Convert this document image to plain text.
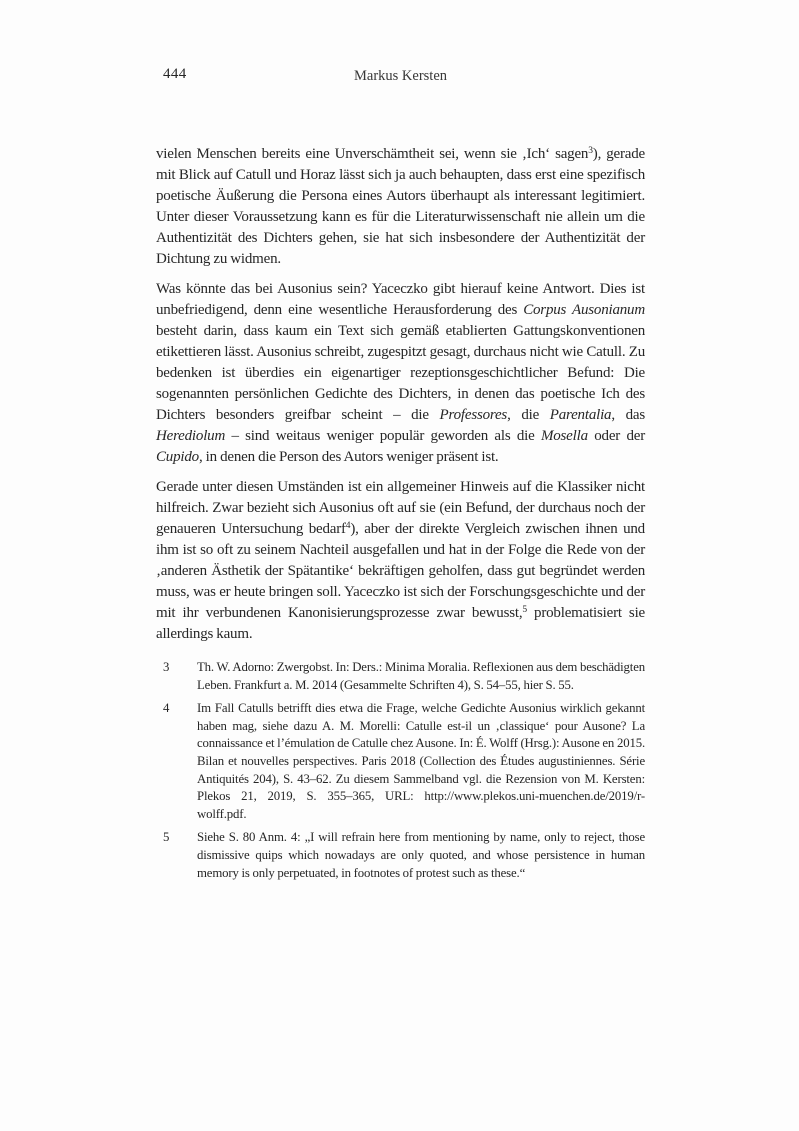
444	Markus Kersten

vielen Menschen bereits eine Unverschämtheit sei, wenn sie ‚Ich‘ sagen$^3$), gerade mit Blick auf Catull und Horaz lässt sich ja auch behaupten, dass erst eine spezifisch poetische Äußerung die Persona eines Autors überhaupt als interessant legitimiert. Unter dieser Voraussetzung kann es für die Literaturwissenschaft nie allein um die Authentizität des Dichters gehen, sie hat sich insbesondere der Authentizität der Dichtung zu widmen.

Was könnte das bei Ausonius sein? Yaceczko gibt hierauf keine Antwort. Dies ist unbefriedigend, denn eine wesentliche Herausforderung des Corpus Ausonianum besteht darin, dass kaum ein Text sich gemäß etablierten Gattungskonventionen etikettieren lässt. Ausonius schreibt, zugespitzt gesagt, durchaus nicht wie Catull. Zu bedenken ist überdies ein eigenartiger rezeptionsgeschichtlicher Befund: Die sogenannten persönlichen Gedichte des Dichters, in denen das poetische Ich des Dichters besonders greifbar scheint – die Professores, die Parentalia, das Herediolum – sind weitaus weniger populär geworden als die Mosella oder der Cupido, in denen die Person des Autors weniger präsent ist.

Gerade unter diesen Umständen ist ein allgemeiner Hinweis auf die Klassiker nicht hilfreich. Zwar bezieht sich Ausonius oft auf sie (ein Befund, der durchaus noch der genaueren Untersuchung bedarf$^4$), aber der direkte Vergleich zwischen ihnen und ihm ist so oft zu seinem Nachteil ausgefallen und hat in der Folge die Rede von der ‚anderen Ästhetik der Spätantike‘ bekräftigen geholfen, dass gut begründet werden muss, was er heute bringen soll. Yaceczko ist sich der Forschungsgeschichte und der mit ihr verbundenen Kanonisierungsprozesse zwar bewusst,$^5$ problematisiert sie allerdings kaum.

3	Th. W. Adorno: Zwergobst. In: Ders.: Minima Moralia. Reflexionen aus dem beschädigten Leben. Frankfurt a. M. 2014 (Gesammelte Schriften 4), S. 54–55, hier S. 55.
4	Im Fall Catulls betrifft dies etwa die Frage, welche Gedichte Ausonius wirklich gekannt haben mag, siehe dazu A. M. Morelli: Catulle est-il un ‚classique‘ pour Ausone? La connaissance et l’émulation de Catulle chez Ausone. In: É. Wolff (Hrsg.): Ausone en 2015. Bilan et nouvelles perspectives. Paris 2018 (Collection des Études augustiniennes. Série Antiquités 204), S. 43–62. Zu diesem Sammelband vgl. die Rezension von M. Kersten: Plekos 21, 2019, S. 355–365, URL: http://www.plekos.uni-muenchen.de/2019/r-wolff.pdf.
5	Siehe S. 80 Anm. 4: „I will refrain here from mentioning by name, only to reject, those dismissive quips which nowadays are only quoted, and whose persistence in human memory is only perpetuated, in footnotes of protest such as these.“
